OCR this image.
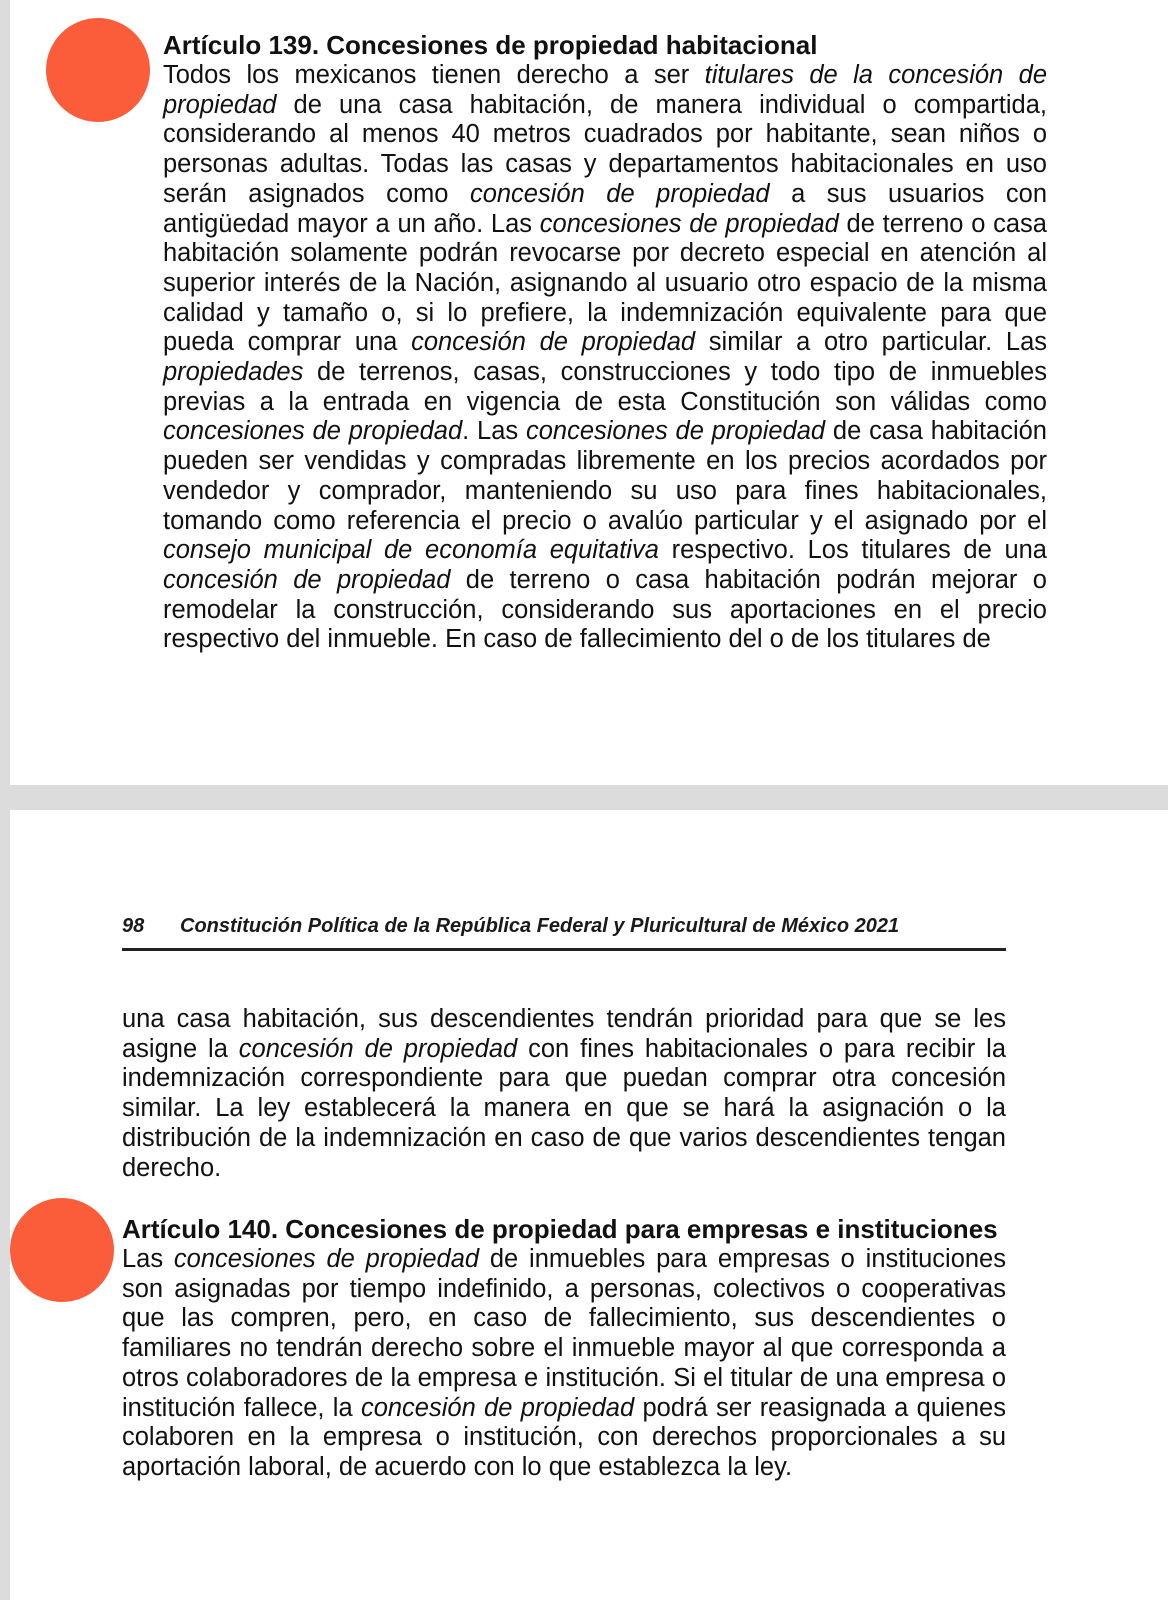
Artículo 139. Concesiones de propiedad habitacional

Todos los mexicanos tienen derecho a ser titulares de la concesión de propiedad de una casa habitación, de manera individual o compartida, considerando al menos 40 metros cuadrados por habitante, sean niños o personas adultas. Todas las casas y departamentos habitacionales en uso serán asignados como concesión de propiedad a sus usuarios con antigüedad mayor a un año. Las concesiones de propiedad de terreno o casa habitación solamente podrán revocarse por decreto especial en atención al superior interés de la Nación, asignando al usuario otro espacio de la misma calidad y tamaño o, si lo prefiere, la indemnización equivalente para que pueda comprar una concesión de propiedad similar a otro particular. Las propiedades de terrenos, casas, construcciones y todo tipo de inmuebles previas a la entrada en vigencia de esta Constitución son válidas como concesiones de propiedad. Las concesiones de propiedad de casa habitación pueden ser vendidas y compradas libremente en los precios acordados por vendedor y comprador, manteniendo su uso para fines habitacionales, tomando como referencia el precio o avalúo particular y el asignado por el consejo municipal de economía equitativa respectivo. Los titulares de una concesión de propiedad de terreno o casa habitación podrán mejorar o remodelar la construcción, considerando sus aportaciones en el precio respectivo del inmueble. En caso de fallecimiento del o de los titulares de

98 Constitución Política de la República Federal y Pluricultural de México 2021

una casa habitación, sus descendientes tendrán prioridad para que se les asigne la concesión de propiedad con fines habitacionales o para recibir la indemnización correspondiente para que puedan comprar otra concesión similar. La ley establecerá la manera en que se hará la asignación o la distribución de la indemnización en caso de que varios descendientes tengan derecho.

Artículo 140. Concesiones de propiedad para empresas e instituciones

Las concesiones de propiedad de inmuebles para empresas o instituciones son asignadas por tiempo indefinido, a personas, colectivos o cooperativas que las compren, pero, en caso de fallecimiento, sus descendientes o familiares no tendrán derecho sobre el inmueble mayor al que corresponda a otros colaboradores de la empresa e institución. Si el titular de una empresa o institución fallece, la concesión de propiedad podrá ser reasignada a quienes colaboren en la empresa o institución, con derechos proporcionales a su aportación laboral, de acuerdo con lo que establezca la ley.
